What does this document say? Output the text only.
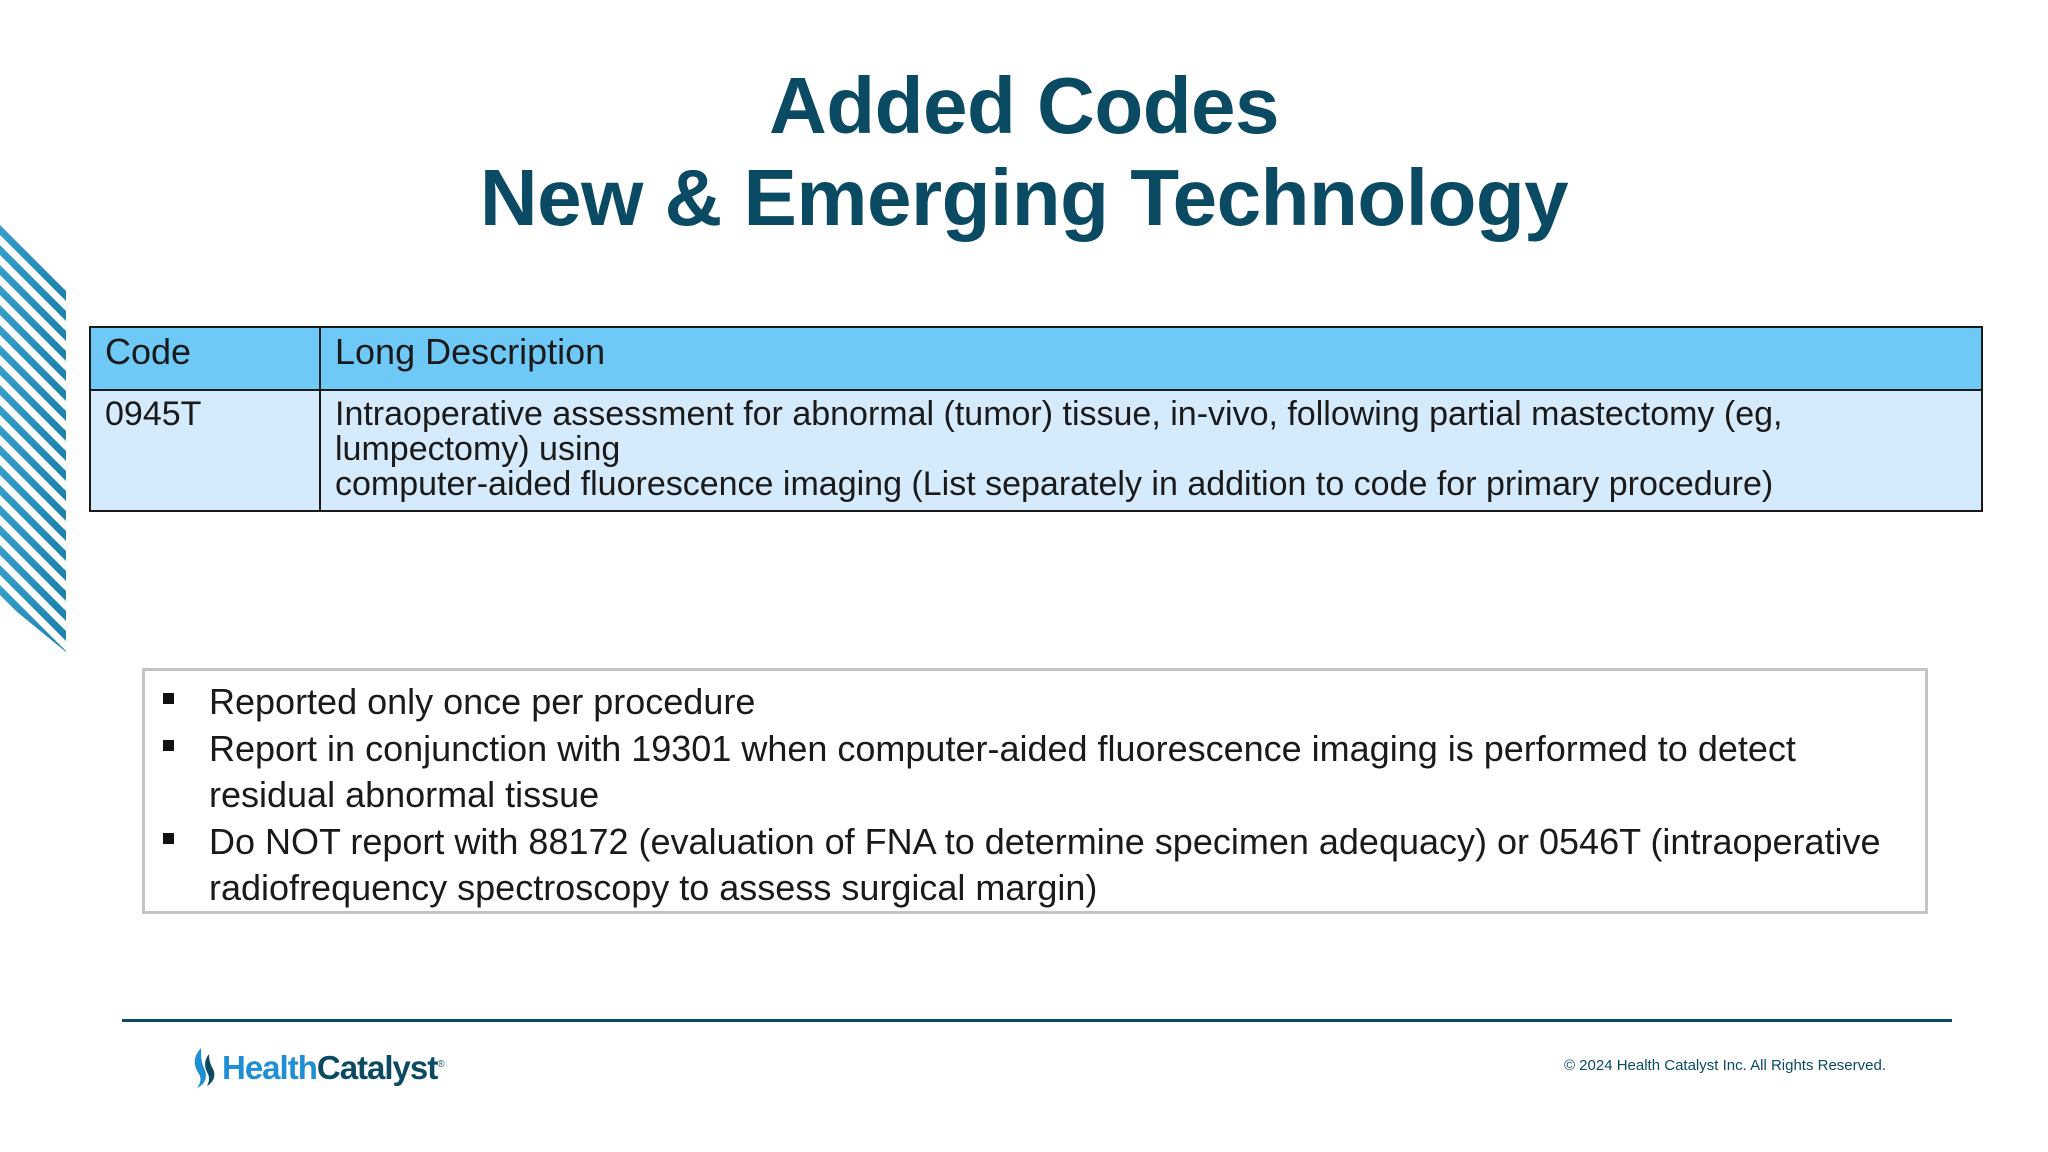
Added Codes
New & Emerging Technology
Code	Long Description
0945T	Intraoperative assessment for abnormal (tumor) tissue, in-vivo, following partial mastectomy (eg, lumpectomy) using
computer-aided fluorescence imaging (List separately in addition to code for primary procedure)
Reported only once per procedure
Report in conjunction with 19301 when computer-aided fluorescence imaging is performed to detect
residual abnormal tissue
Do NOT report with 88172 (evaluation of FNA to determine specimen adequacy) or 0546T (intraoperative
radiofrequency spectroscopy to assess surgical margin)
HealthCatalyst®	© 2024 Health Catalyst Inc. All Rights Reserved.
